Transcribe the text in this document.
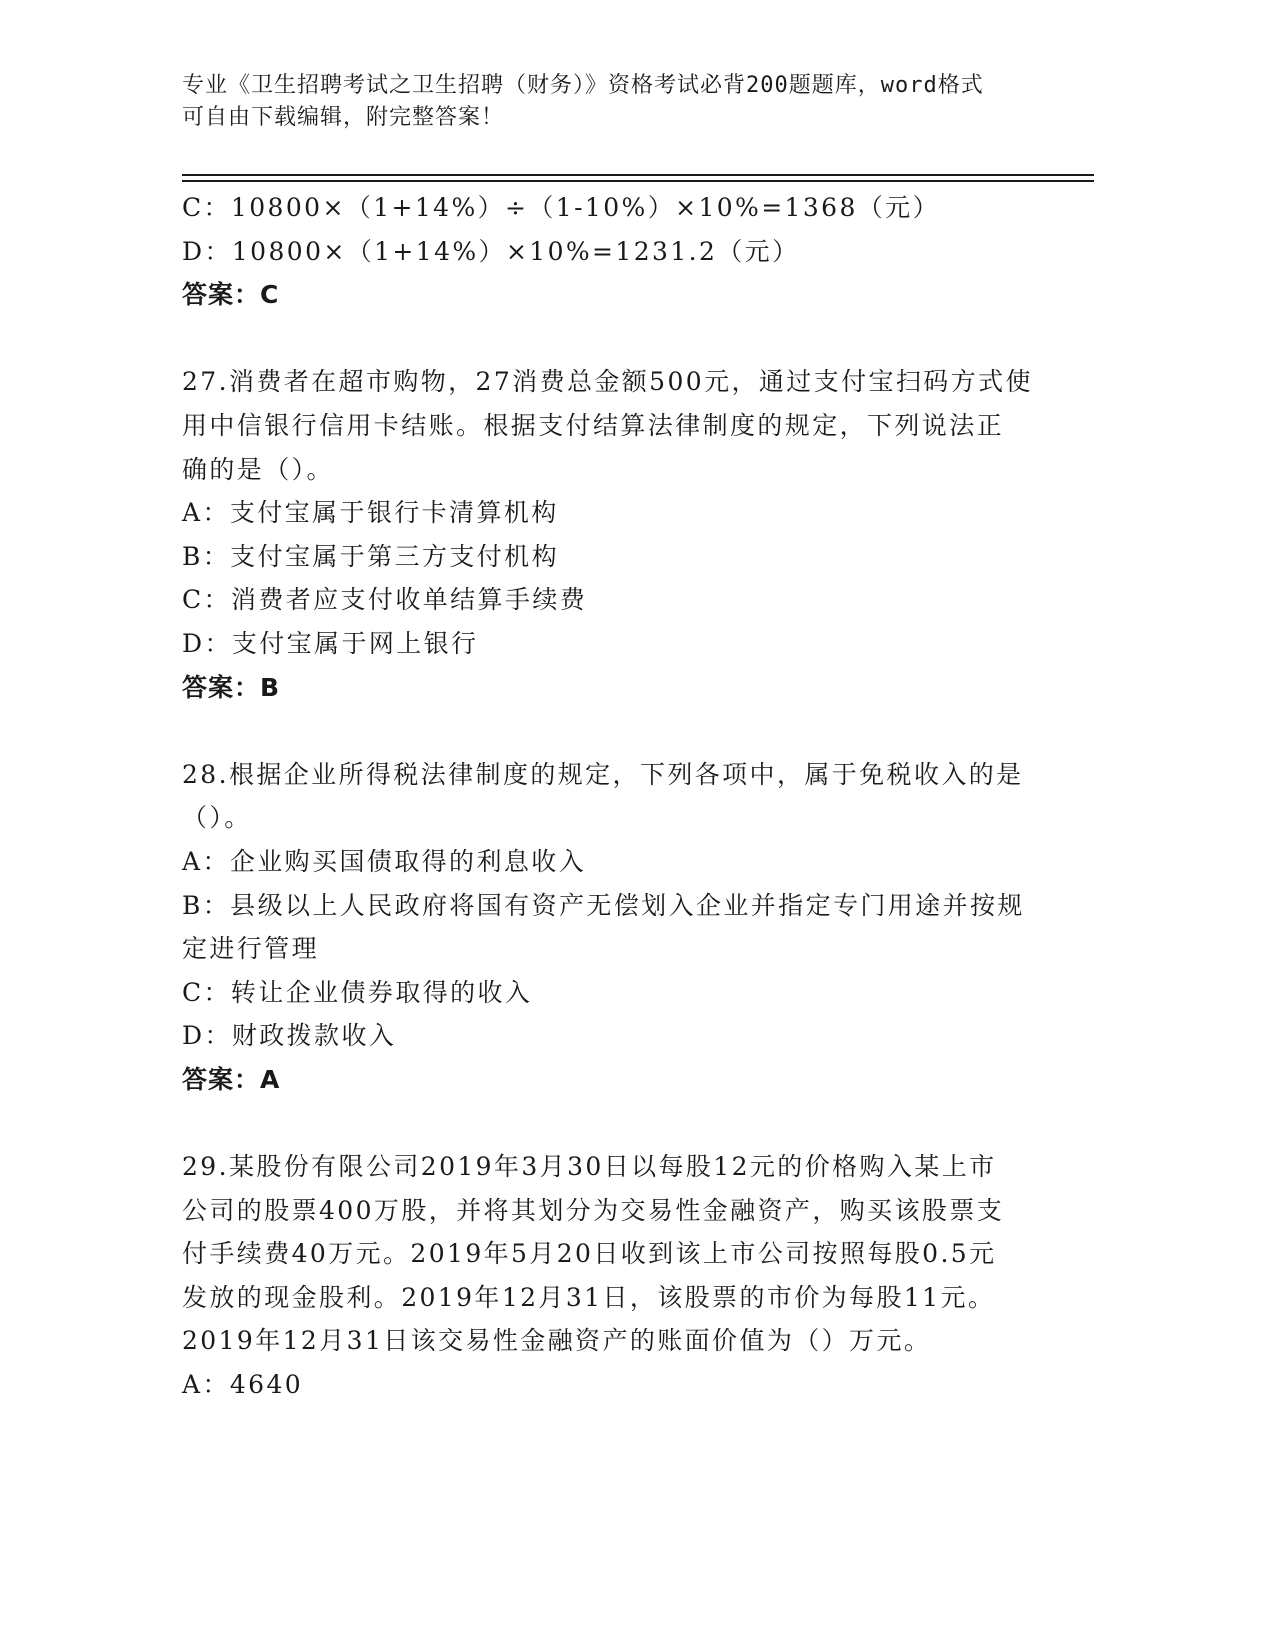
专业《卫生招聘考试之卫生招聘（财务）》资格考试必背200题题库，word格式
可自由下载编辑，附完整答案！
C：10800×（1+14%）÷（1-10%）×10%=1368（元）
D：10800×（1+14%）×10%=1231.2（元）
答案：C
27.消费者在超市购物，27消费总金额500元，通过支付宝扫码方式使
用中信银行信用卡结账。根据支付结算法律制度的规定，下列说法正
确的是（）。
A：支付宝属于银行卡清算机构
B：支付宝属于第三方支付机构
C：消费者应支付收单结算手续费
D：支付宝属于网上银行
答案：B
28.根据企业所得税法律制度的规定，下列各项中，属于免税收入的是
（）。
A：企业购买国债取得的利息收入
B：县级以上人民政府将国有资产无偿划入企业并指定专门用途并按规
定进行管理
C：转让企业债券取得的收入
D：财政拨款收入
答案：A
29.某股份有限公司2019年3月30日以每股12元的价格购入某上市
公司的股票400万股，并将其划分为交易性金融资产，购买该股票支
付手续费40万元。2019年5月20日收到该上市公司按照每股0.5元
发放的现金股利。2019年12月31日，该股票的市价为每股11元。
2019年12月31日该交易性金融资产的账面价值为（）万元。
A：4640
